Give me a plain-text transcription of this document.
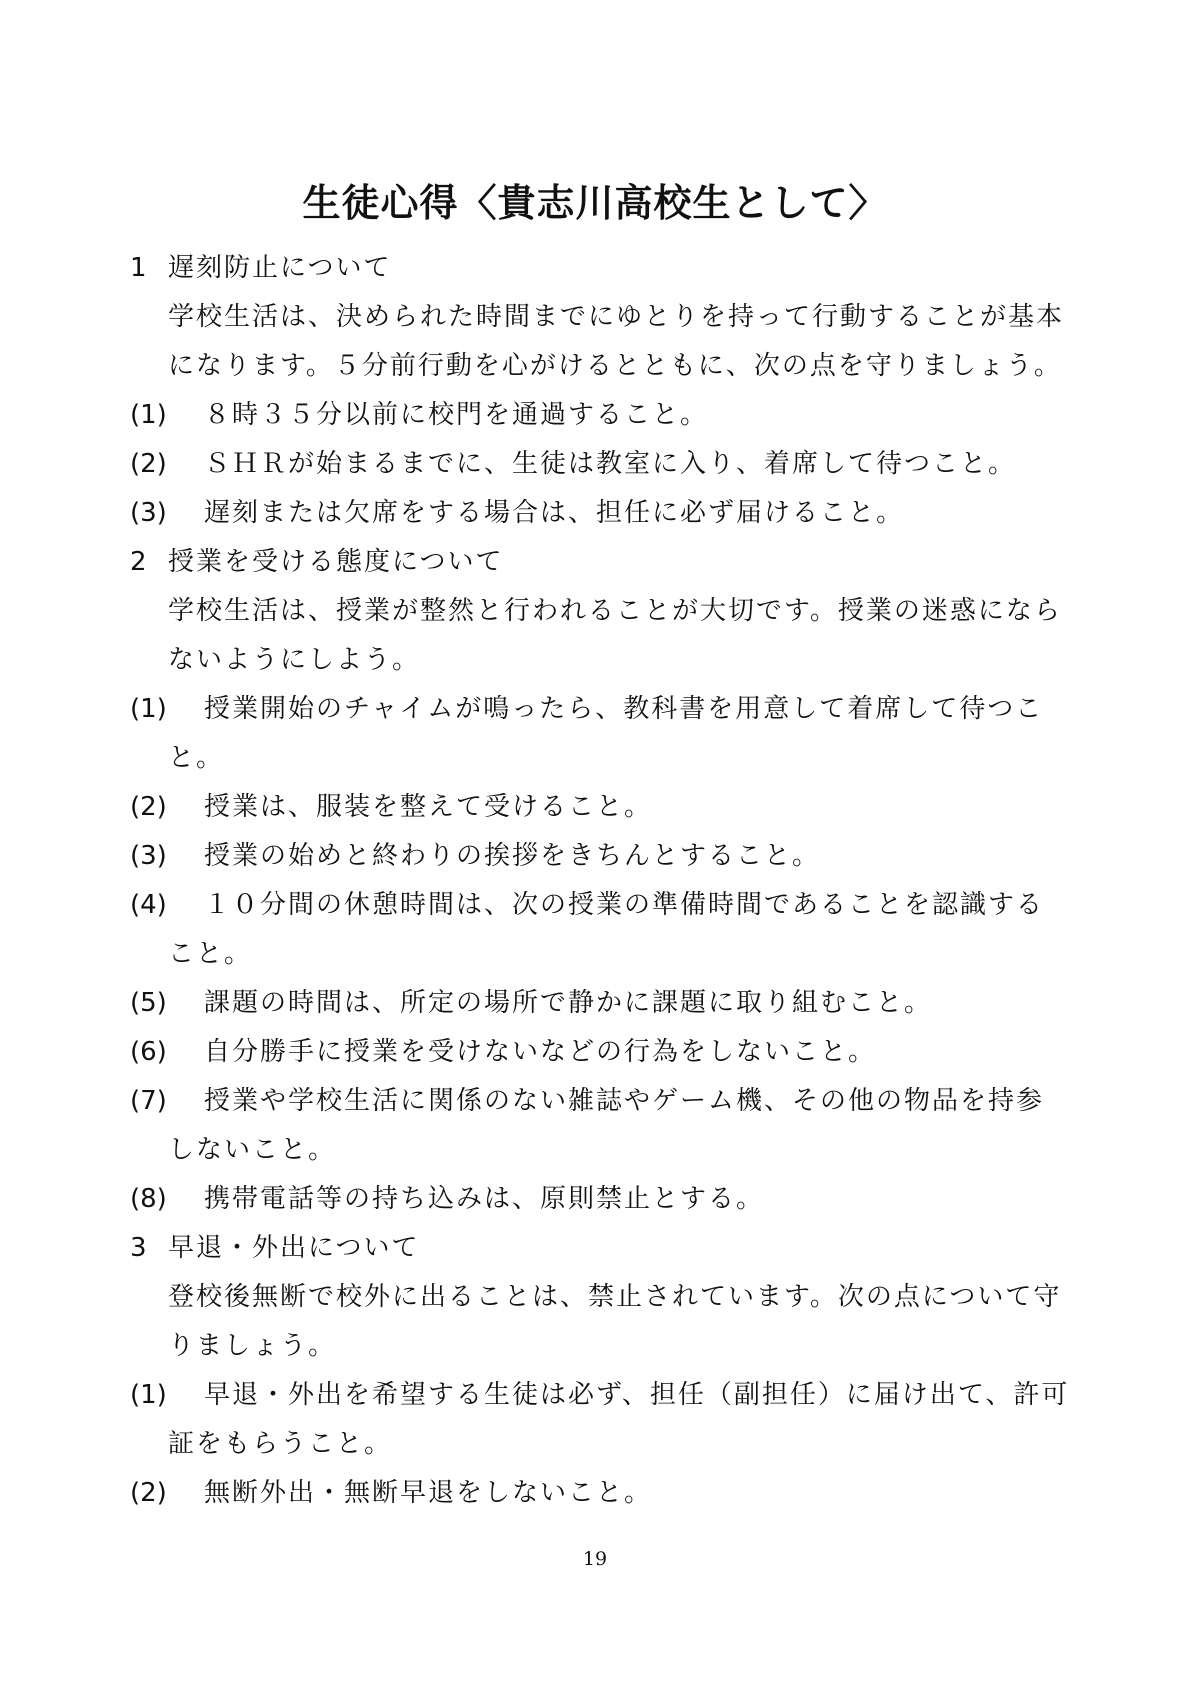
生徒心得〈貴志川高校生として〉
1 遅刻防止について
学校生活は、決められた時間までにゆとりを持って行動することが基本
になります。５分前行動を心がけるとともに、次の点を守りましょう。
(1) ８時３５分以前に校門を通過すること。
(2) ＳＨＲが始まるまでに、生徒は教室に入り、着席して待つこと。
(3) 遅刻または欠席をする場合は、担任に必ず届けること。
2 授業を受ける態度について
学校生活は、授業が整然と行われることが大切です。授業の迷惑になら
ないようにしよう。
(1) 授業開始のチャイムが鳴ったら、教科書を用意して着席して待つこ
と。
(2) 授業は、服装を整えて受けること。
(3) 授業の始めと終わりの挨拶をきちんとすること。
(4) １０分間の休憩時間は、次の授業の準備時間であることを認識する
こと。
(5) 課題の時間は、所定の場所で静かに課題に取り組むこと。
(6) 自分勝手に授業を受けないなどの行為をしないこと。
(7) 授業や学校生活に関係のない雑誌やゲーム機、その他の物品を持参
しないこと。
(8) 携帯電話等の持ち込みは、原則禁止とする。
3 早退・外出について
登校後無断で校外に出ることは、禁止されています。次の点について守
りましょう。
(1) 早退・外出を希望する生徒は必ず、担任（副担任）に届け出て、許可
証をもらうこと。
(2) 無断外出・無断早退をしないこと。
19
